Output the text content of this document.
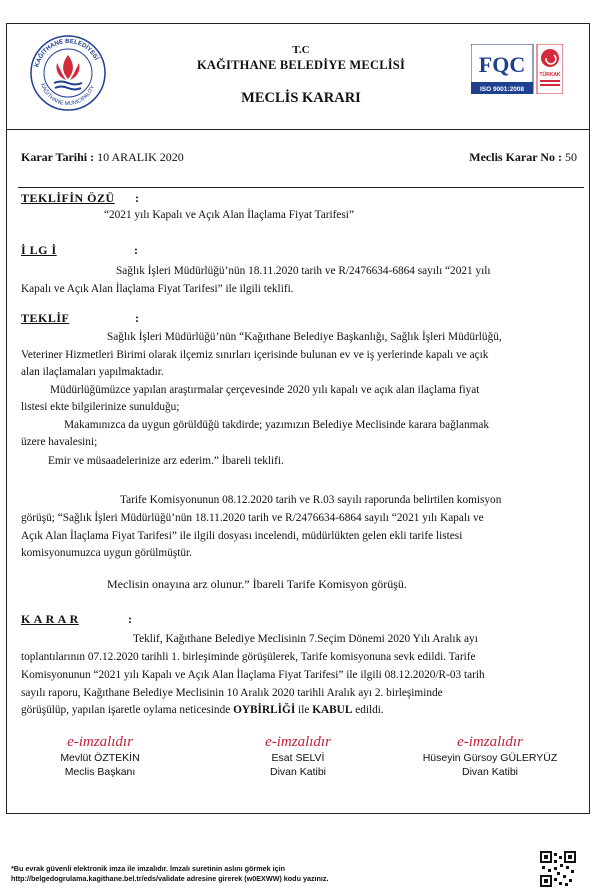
KAĞITHANE BELEDİYESİ
KAĞITHANE MUNICIPALITY
T.C
KAĞITHANE BELEDİYE MECLİSİ
MECLİS KARARI
FQC
ISO 9001:2008
TÜRKAK
Karar Tarihi : 10 ARALIK 2020	Meclis Karar No : 50
TEKLİFİN ÖZÜ :
“2021 yılı Kapalı ve Açık Alan İlaçlama Fiyat Tarifesi”
İ LG İ	:
Sağlık İşleri Müdürlüğü’nün 18.11.2020 tarih ve R/2476634-6864 sayılı “2021 yılı
Kapalı ve Açık Alan İlaçlama Fiyat Tarifesi” ile ilgili teklifi.
TEKLİF	:
Sağlık İşleri Müdürlüğü’nün “Kağıthane Belediye Başkanlığı, Sağlık İşleri Müdürlüğü,
Veteriner Hizmetleri Birimi olarak ilçemiz sınırları içerisinde bulunan ev ve iş yerlerinde kapalı ve açık
alan ilaçlamaları yapılmaktadır.
Müdürlüğümüzce yapılan araştırmalar çerçevesinde 2020 yılı kapalı ve açık alan ilaçlama fiyat
listesi ekte bilgilerinize sunulduğu;
Makamınızca da uygun görüldüğü takdirde; yazımızın Belediye Meclisinde karara bağlanmak
üzere havalesini;
Emir ve müsaadelerinize arz ederim.” İbareli teklifi.
Tarife Komisyonunun 08.12.2020 tarih ve R.03 sayılı raporunda belirtilen komisyon
görüşü; “Sağlık İşleri Müdürlüğü’nün 18.11.2020 tarih ve R/2476634-6864 sayılı “2021 yılı Kapalı ve
Açık Alan İlaçlama Fiyat Tarifesi” ile ilgili dosyası incelendi, müdürlükten gelen ekli tarife listesi
komisyonumuzca uygun görülmüştür.
Meclisin onayına arz olunur.” İbareli Tarife Komisyon görüşü.
K A R A R	:
Teklif, Kağıthane Belediye Meclisinin 7.Seçim Dönemi 2020 Yılı Aralık ayı
toplantılarının 07.12.2020 tarihli 1. birleşiminde görüşülerek, Tarife komisyonuna sevk edildi. Tarife
Komisyonunun “2021 yılı Kapalı ve Açık Alan İlaçlama Fiyat Tarifesi” ile ilgili 08.12.2020/R-03 tarih
sayılı raporu, Kağıthane Belediye Meclisinin 10 Aralık 2020 tarihli Aralık ayı 2. birleşiminde
görüşülüp, yapılan işaretle oylama neticesinde OYBİRLİĞİ ile KABUL edildi.
e-imzalıdır
Mevlüt ÖZTEKİN
Meclis Başkanı
e-imzalıdır
Esat SELVİ
Divan Katibi
e-imzalıdır
Hüseyin Gürsoy GÜLERYÜZ
Divan Katibi
*Bu evrak güvenli elektronik imza ile imzalıdır. İmzalı suretinin aslını görmek için
http://belgedogrulama.kagithane.bel.tr/eds/validate adresine girerek (w0EXWW) kodu yazınız.
